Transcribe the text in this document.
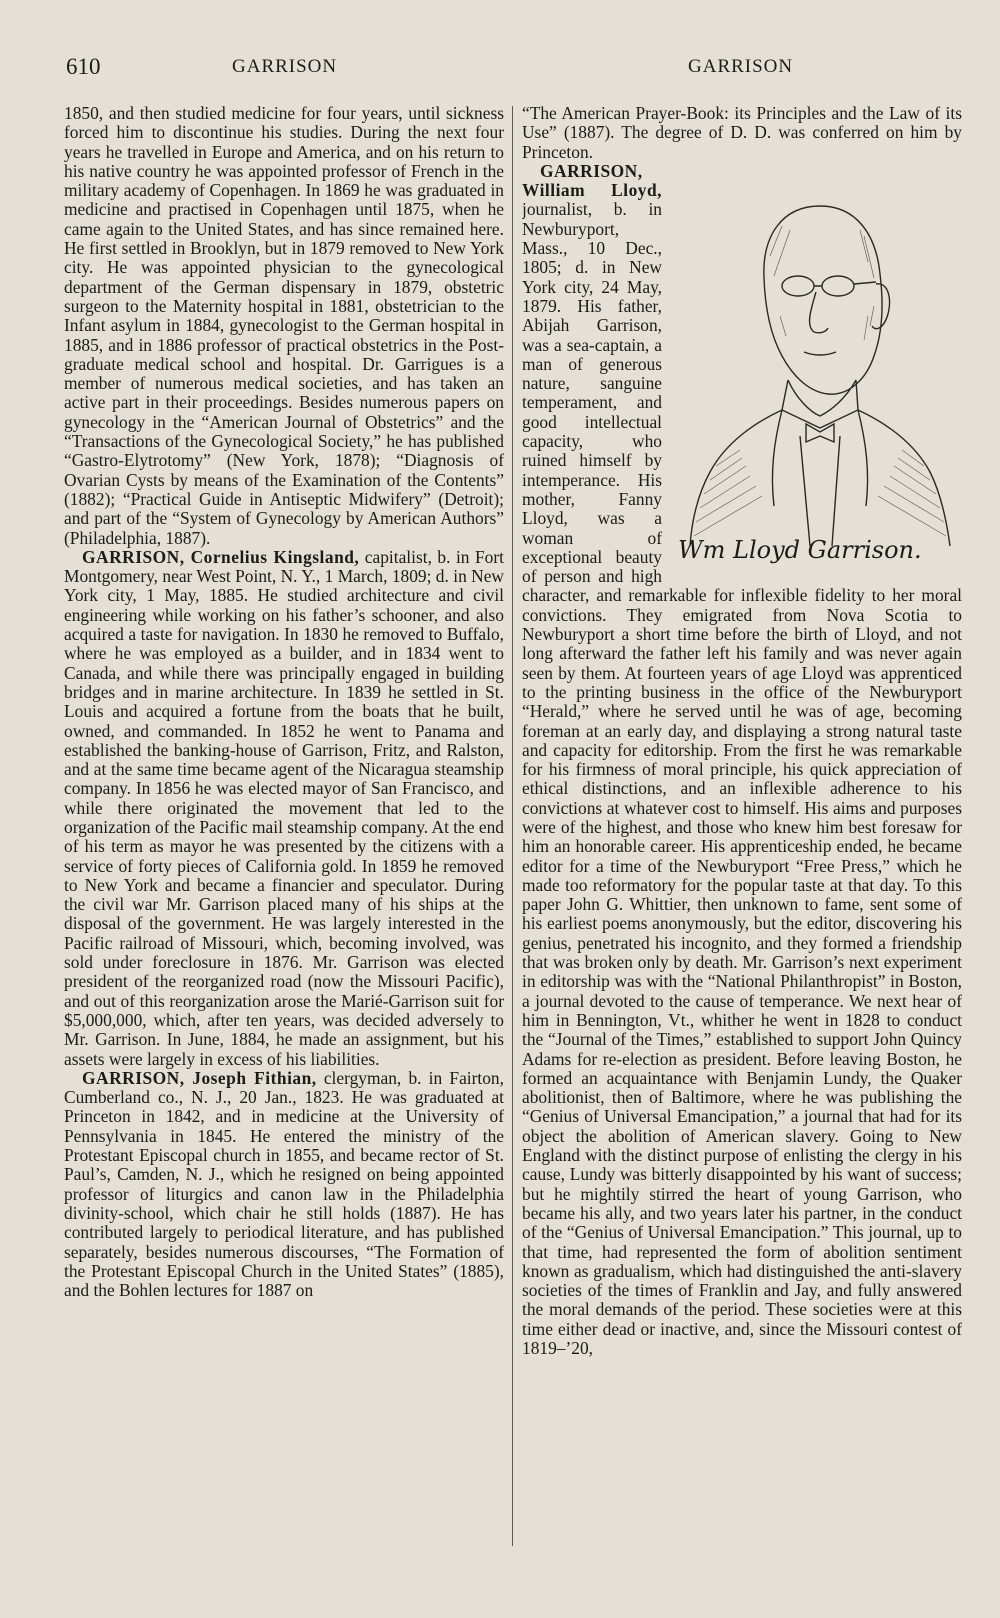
610	GARRISON	GARRISON

1850, and then studied medicine for four years, until sickness forced him to discontinue his studies. During the next four years he travelled in Europe and America, and on his return to his native country he was appointed professor of French in the military academy of Copenhagen. In 1869 he was graduated in medicine and practised in Copenhagen until 1875, when he came again to the United States, and has since remained here. He first settled in Brooklyn, but in 1879 removed to New York city. He was appointed physician to the gynecological department of the German dispensary in 1879, obstetric surgeon to the Maternity hospital in 1881, obstetrician to the Infant asylum in 1884, gynecologist to the German hospital in 1885, and in 1886 professor of practical obstetrics in the Post-graduate medical school and hospital. Dr. Garrigues is a member of numerous medical societies, and has taken an active part in their proceedings. Besides numerous papers on gynecology in the “American Journal of Obstetrics” and the “Transactions of the Gynecological Society,” he has published “Gastro-Elytrotomy” (New York, 1878); “Diagnosis of Ovarian Cysts by means of the Examination of the Contents” (1882); “Practical Guide in Antiseptic Midwifery” (Detroit); and part of the “System of Gynecology by American Authors” (Philadelphia, 1887).

GARRISON, Cornelius Kingsland, capitalist, b. in Fort Montgomery, near West Point, N. Y., 1 March, 1809; d. in New York city, 1 May, 1885. He studied architecture and civil engineering while working on his father’s schooner, and also acquired a taste for navigation. In 1830 he removed to Buffalo, where he was employed as a builder, and in 1834 went to Canada, and while there was principally engaged in building bridges and in marine architecture. In 1839 he settled in St. Louis and acquired a fortune from the boats that he built, owned, and commanded. In 1852 he went to Panama and established the banking-house of Garrison, Fritz, and Ralston, and at the same time became agent of the Nicaragua steamship company. In 1856 he was elected mayor of San Francisco, and while there originated the movement that led to the organization of the Pacific mail steamship company. At the end of his term as mayor he was presented by the citizens with a service of forty pieces of California gold. In 1859 he removed to New York and became a financier and speculator. During the civil war Mr. Garrison placed many of his ships at the disposal of the government. He was largely interested in the Pacific railroad of Missouri, which, becoming involved, was sold under foreclosure in 1876. Mr. Garrison was elected president of the reorganized road (now the Missouri Pacific), and out of this reorganization arose the Marié-Garrison suit for $5,000,000, which, after ten years, was decided adversely to Mr. Garrison. In June, 1884, he made an assignment, but his assets were largely in excess of his liabilities.

GARRISON, Joseph Fithian, clergyman, b. in Fairton, Cumberland co., N. J., 20 Jan., 1823. He was graduated at Princeton in 1842, and in medicine at the University of Pennsylvania in 1845. He entered the ministry of the Protestant Episcopal church in 1855, and became rector of St. Paul’s, Camden, N. J., which he resigned on being appointed professor of liturgics and canon law in the Philadelphia divinity-school, which chair he still holds (1887). He has contributed largely to periodical literature, and has published separately, besides numerous discourses, “The Formation of the Protestant Episcopal Church in the United States” (1885), and the Bohlen lectures for 1887 on

“The American Prayer-Book: its Principles and the Law of its Use” (1887). The degree of D. D. was conferred on him by Princeton.

Wm Lloyd Garrison.

GARRISON, William Lloyd, journalist, b. in Newburyport, Mass., 10 Dec., 1805; d. in New York city, 24 May, 1879. His father, Abijah Garrison, was a sea-captain, a man of generous nature, sanguine temperament, and good intellectual capacity, who ruined himself by intemperance. His mother, Fanny Lloyd, was a woman of exceptional beauty of person and high character, and remarkable for inflexible fidelity to her moral convictions. They emigrated from Nova Scotia to Newburyport a short time before the birth of Lloyd, and not long afterward the father left his family and was never again seen by them. At fourteen years of age Lloyd was apprenticed to the printing business in the office of the Newburyport “Herald,” where he served until he was of age, becoming foreman at an early day, and displaying a strong natural taste and capacity for editorship. From the first he was remarkable for his firmness of moral principle, his quick appreciation of ethical distinctions, and an inflexible adherence to his convictions at whatever cost to himself. His aims and purposes were of the highest, and those who knew him best foresaw for him an honorable career. His apprenticeship ended, he became editor for a time of the Newburyport “Free Press,” which he made too reformatory for the popular taste at that day. To this paper John G. Whittier, then unknown to fame, sent some of his earliest poems anonymously, but the editor, discovering his genius, penetrated his incognito, and they formed a friendship that was broken only by death. Mr. Garrison’s next experiment in editorship was with the “National Philanthropist” in Boston, a journal devoted to the cause of temperance. We next hear of him in Bennington, Vt., whither he went in 1828 to conduct the “Journal of the Times,” established to support John Quincy Adams for re-election as president. Before leaving Boston, he formed an acquaintance with Benjamin Lundy, the Quaker abolitionist, then of Baltimore, where he was publishing the “Genius of Universal Emancipation,” a journal that had for its object the abolition of American slavery. Going to New England with the distinct purpose of enlisting the clergy in his cause, Lundy was bitterly disappointed by his want of success; but he mightily stirred the heart of young Garrison, who became his ally, and two years later his partner, in the conduct of the “Genius of Universal Emancipation.” This journal, up to that time, had represented the form of abolition sentiment known as gradualism, which had distinguished the anti-slavery societies of the times of Franklin and Jay, and fully answered the moral demands of the period. These societies were at this time either dead or inactive, and, since the Missouri contest of 1819–’20,
